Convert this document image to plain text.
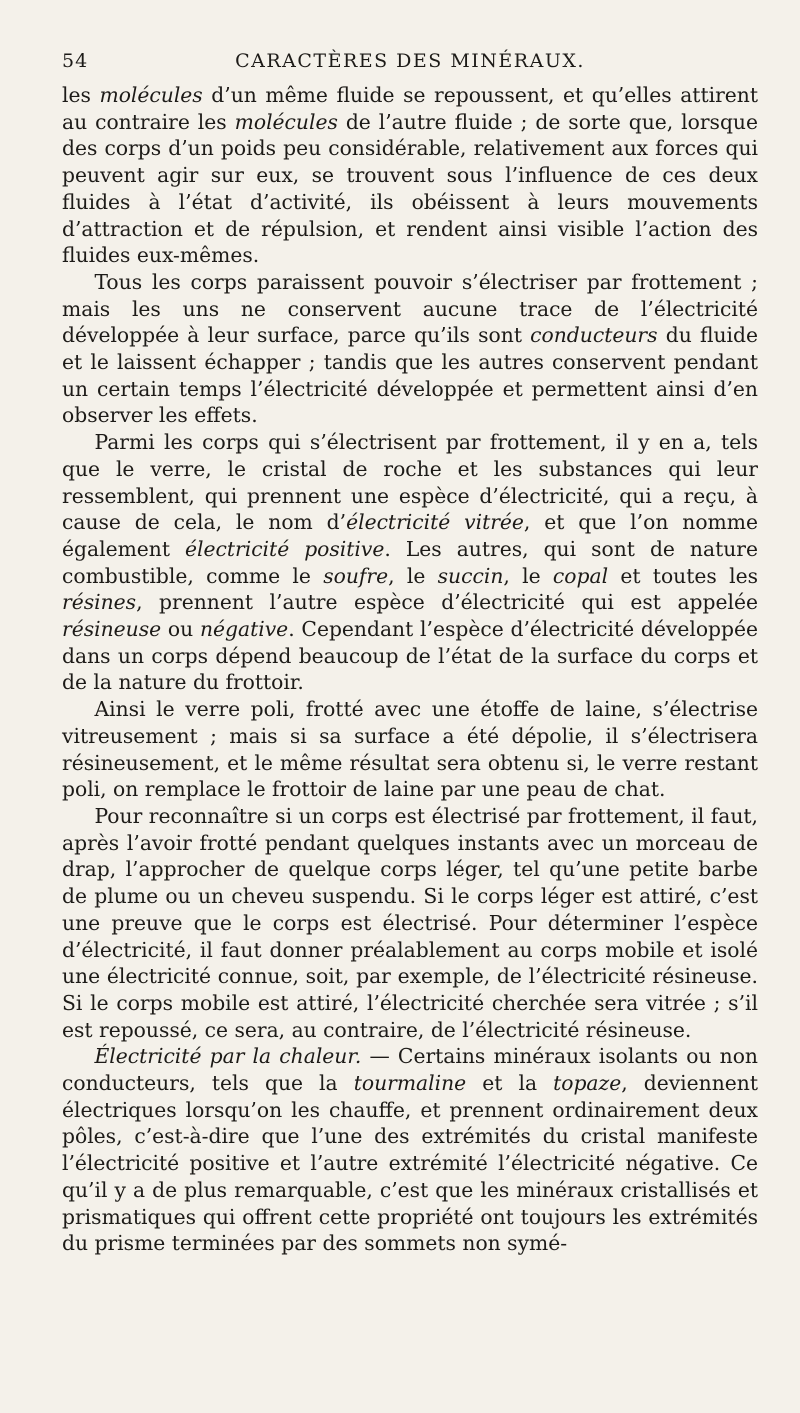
54	CARACTÈRES DES MINÉRAUX.

les molécules d’un même fluide se repoussent, et qu’elles attirent au contraire les molécules de l’autre fluide ; de sorte que, lorsque des corps d’un poids peu considérable, relativement aux forces qui peuvent agir sur eux, se trouvent sous l’influence de ces deux fluides à l’état d’activité, ils obéissent à leurs mouvements d’attraction et de répulsion, et rendent ainsi visible l’action des fluides eux-mêmes.

Tous les corps paraissent pouvoir s’électriser par frottement ; mais les uns ne conservent aucune trace de l’électricité développée à leur surface, parce qu’ils sont conducteurs du fluide et le laissent échapper ; tandis que les autres conservent pendant un certain temps l’électricité développée et permettent ainsi d’en observer les effets.

Parmi les corps qui s’électrisent par frottement, il y en a, tels que le verre, le cristal de roche et les substances qui leur ressemblent, qui prennent une espèce d’électricité, qui a reçu, à cause de cela, le nom d’électricité vitrée, et que l’on nomme également électricité positive. Les autres, qui sont de nature combustible, comme le soufre, le succin, le copal et toutes les résines, prennent l’autre espèce d’électricité qui est appelée résineuse ou négative. Cependant l’espèce d’électricité développée dans un corps dépend beaucoup de l’état de la surface du corps et de la nature du frottoir.

Ainsi le verre poli, frotté avec une étoffe de laine, s’électrise vitreusement ; mais si sa surface a été dépolie, il s’électrisera résineusement, et le même résultat sera obtenu si, le verre restant poli, on remplace le frottoir de laine par une peau de chat.

Pour reconnaître si un corps est électrisé par frottement, il faut, après l’avoir frotté pendant quelques instants avec un morceau de drap, l’approcher de quelque corps léger, tel qu’une petite barbe de plume ou un cheveu suspendu. Si le corps léger est attiré, c’est une preuve que le corps est électrisé. Pour déterminer l’espèce d’électricité, il faut donner préalablement au corps mobile et isolé une électricité connue, soit, par exemple, de l’électricité résineuse. Si le corps mobile est attiré, l’électricité cherchée sera vitrée ; s’il est repoussé, ce sera, au contraire, de l’électricité résineuse.

Électricité par la chaleur. — Certains minéraux isolants ou non conducteurs, tels que la tourmaline et la topaze, deviennent électriques lorsqu’on les chauffe, et prennent ordinairement deux pôles, c’est-à-dire que l’une des extrémités du cristal manifeste l’électricité positive et l’autre extrémité l’électricité négative. Ce qu’il y a de plus remarquable, c’est que les minéraux cristallisés et prismatiques qui offrent cette propriété ont toujours les extrémités du prisme terminées par des sommets non symé-
